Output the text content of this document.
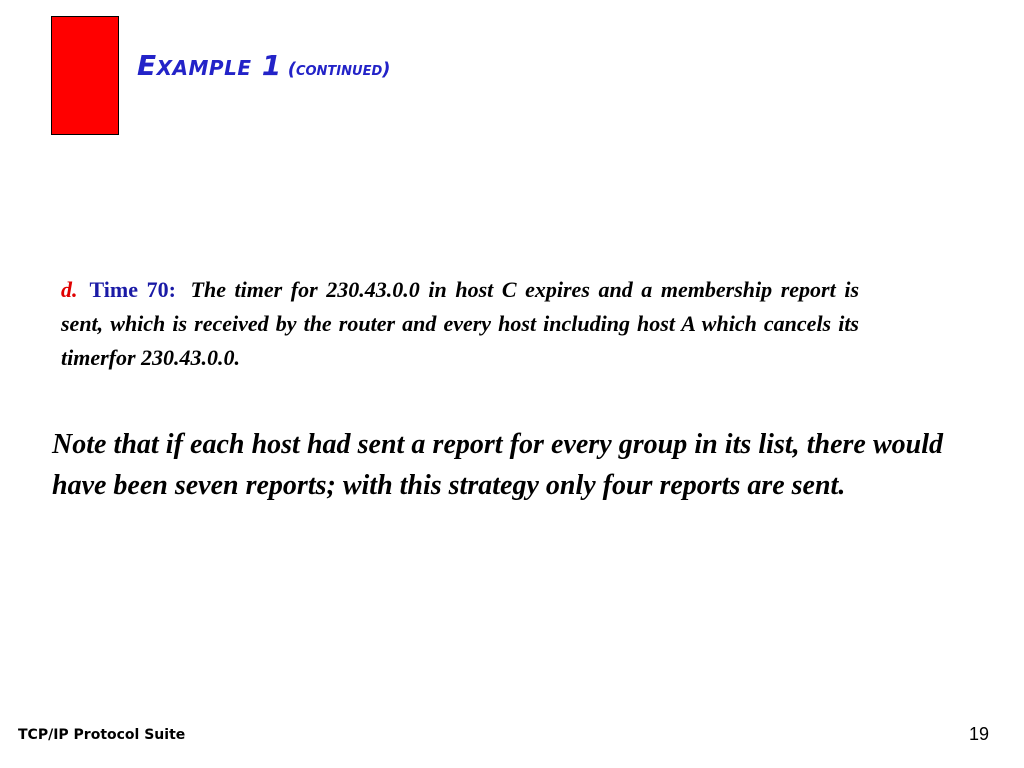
Example 1 (continued)
d. Time 70: The timer for 230.43.0.0 in host C expires and a membership report is sent, which is received by the router and every host including host A which cancels its timerfor 230.43.0.0.
Note that if each host had sent a report for every group in its list, there would have been seven reports; with this strategy only four reports are sent.
TCP/IP Protocol Suite	19
